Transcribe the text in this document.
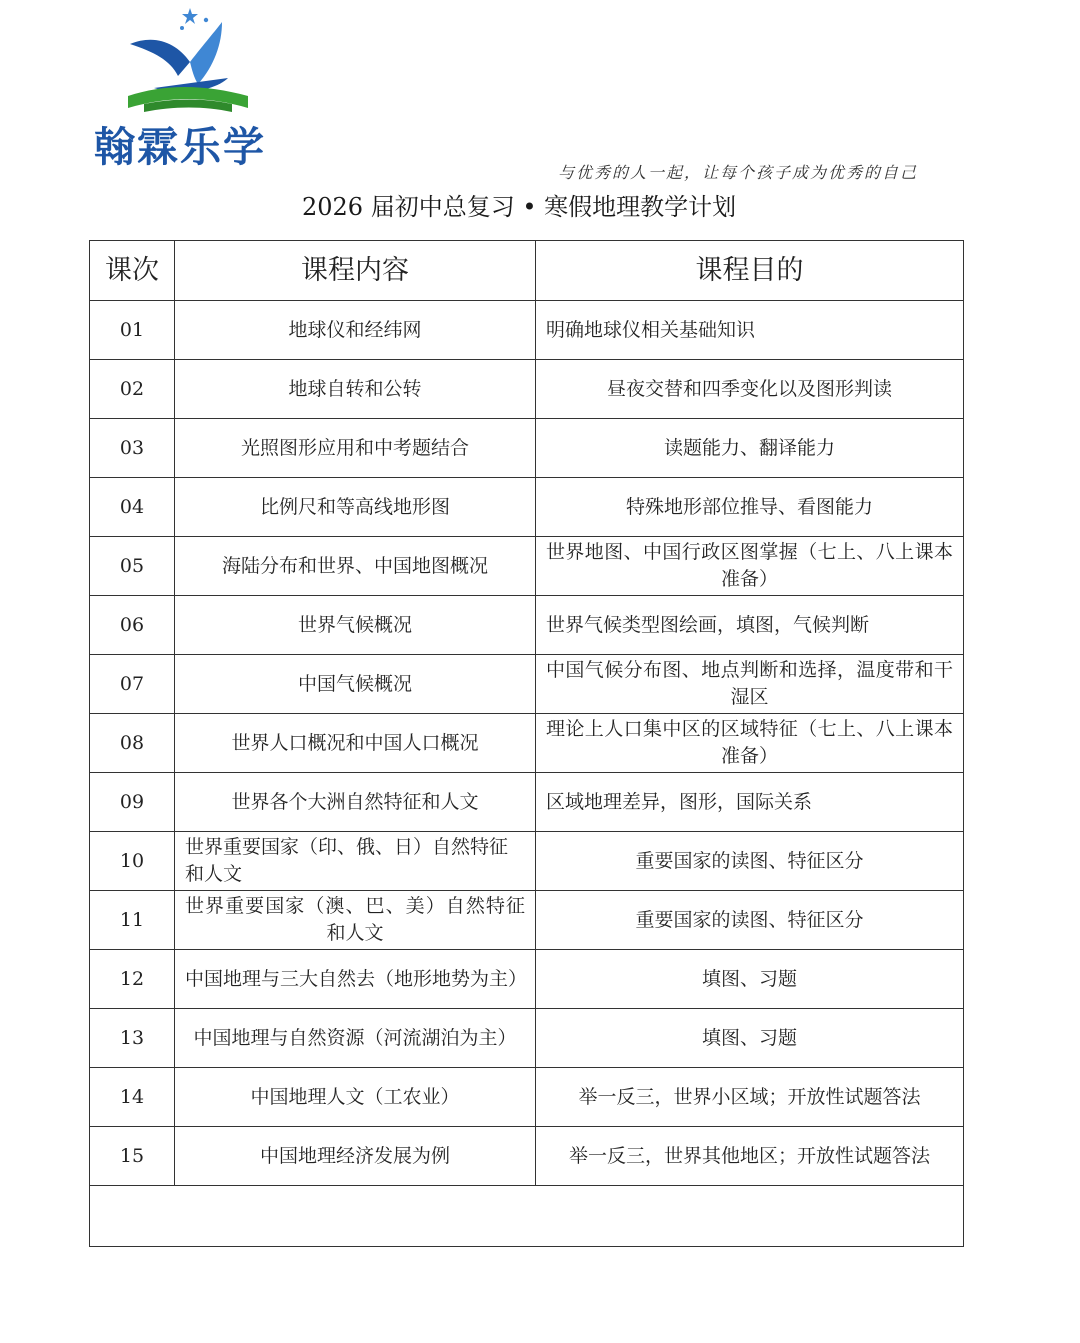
翰霖乐学
与优秀的人一起，让每个孩子成为优秀的自己
2026 届初中总复习 • 寒假地理教学计划
课次	课程内容	课程目的
01	地球仪和经纬网	明确地球仪相关基础知识
02	地球自转和公转	昼夜交替和四季变化以及图形判读
03	光照图形应用和中考题结合	读题能力、翻译能力
04	比例尺和等高线地形图	特殊地形部位推导、看图能力
05	海陆分布和世界、中国地图概况	世界地图、中国行政区图掌握（七上、八上课本准备）
06	世界气候概况	世界气候类型图绘画，填图，气候判断
07	中国气候概况	中国气候分布图、地点判断和选择，温度带和干湿区
08	世界人口概况和中国人口概况	理论上人口集中区的区域特征（七上、八上课本准备）
09	世界各个大洲自然特征和人文	区域地理差异，图形，国际关系
10	世界重要国家（印、俄、日）自然特征和人文	重要国家的读图、特征区分
11	世界重要国家（澳、巴、美）自然特征和人文	重要国家的读图、特征区分
12	中国地理与三大自然去（地形地势为主）	填图、习题
13	中国地理与自然资源（河流湖泊为主）	填图、习题
14	中国地理人文（工农业）	举一反三，世界小区域；开放性试题答法
15	中国地理经济发展为例	举一反三，世界其他地区；开放性试题答法
